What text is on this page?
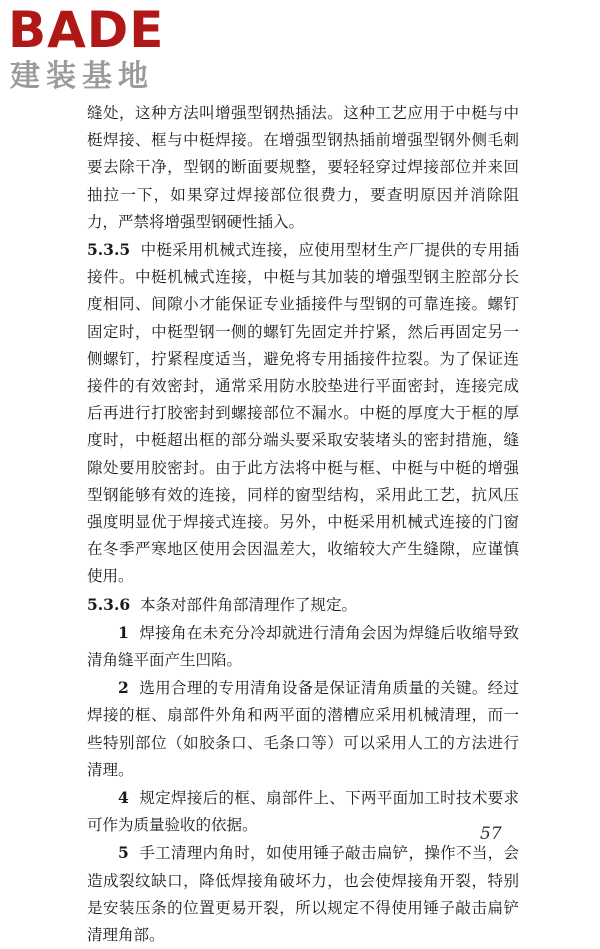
BADE
建装基地

缝处，这种方法叫增强型钢热插法。这种工艺应用于中梃与中梃焊接、框与中梃焊接。在增强型钢热插前增强型钢外侧毛刺要去除干净，型钢的断面要规整，要轻轻穿过焊接部位并来回抽拉一下，如果穿过焊接部位很费力，要查明原因并消除阻力，严禁将增强型钢硬性插入。

5.3.5 中梃采用机械式连接，应使用型材生产厂提供的专用插接件。中梃机械式连接，中梃与其加装的增强型钢主腔部分长度相同、间隙小才能保证专业插接件与型钢的可靠连接。螺钉固定时，中梃型钢一侧的螺钉先固定并拧紧，然后再固定另一侧螺钉，拧紧程度适当，避免将专用插接件拉裂。为了保证连接件的有效密封，通常采用防水胶垫进行平面密封，连接完成后再进行打胶密封到螺接部位不漏水。中梃的厚度大于框的厚度时，中梃超出框的部分端头要采取安装堵头的密封措施，缝隙处要用胶密封。由于此方法将中梃与框、中梃与中梃的增强型钢能够有效的连接，同样的窗型结构，采用此工艺，抗风压强度明显优于焊接式连接。另外，中梃采用机械式连接的门窗在冬季严寒地区使用会因温差大，收缩较大产生缝隙，应谨慎使用。

5.3.6 本条对部件角部清理作了规定。

1 焊接角在未充分冷却就进行清角会因为焊缝后收缩导致清角缝平面产生凹陷。

2 选用合理的专用清角设备是保证清角质量的关键。经过焊接的框、扇部件外角和两平面的潜槽应采用机械清理，而一些特别部位（如胶条口、毛条口等）可以采用人工的方法进行清理。

4 规定焊接后的框、扇部件上、下两平面加工时技术要求可作为质量验收的依据。

5 手工清理内角时，如使用锤子敲击扁铲，操作不当，会造成裂纹缺口，降低焊接角破坏力，也会使焊接角开裂，特别是安装压条的位置更易开裂，所以规定不得使用锤子敲击扁铲清理角部。

57
